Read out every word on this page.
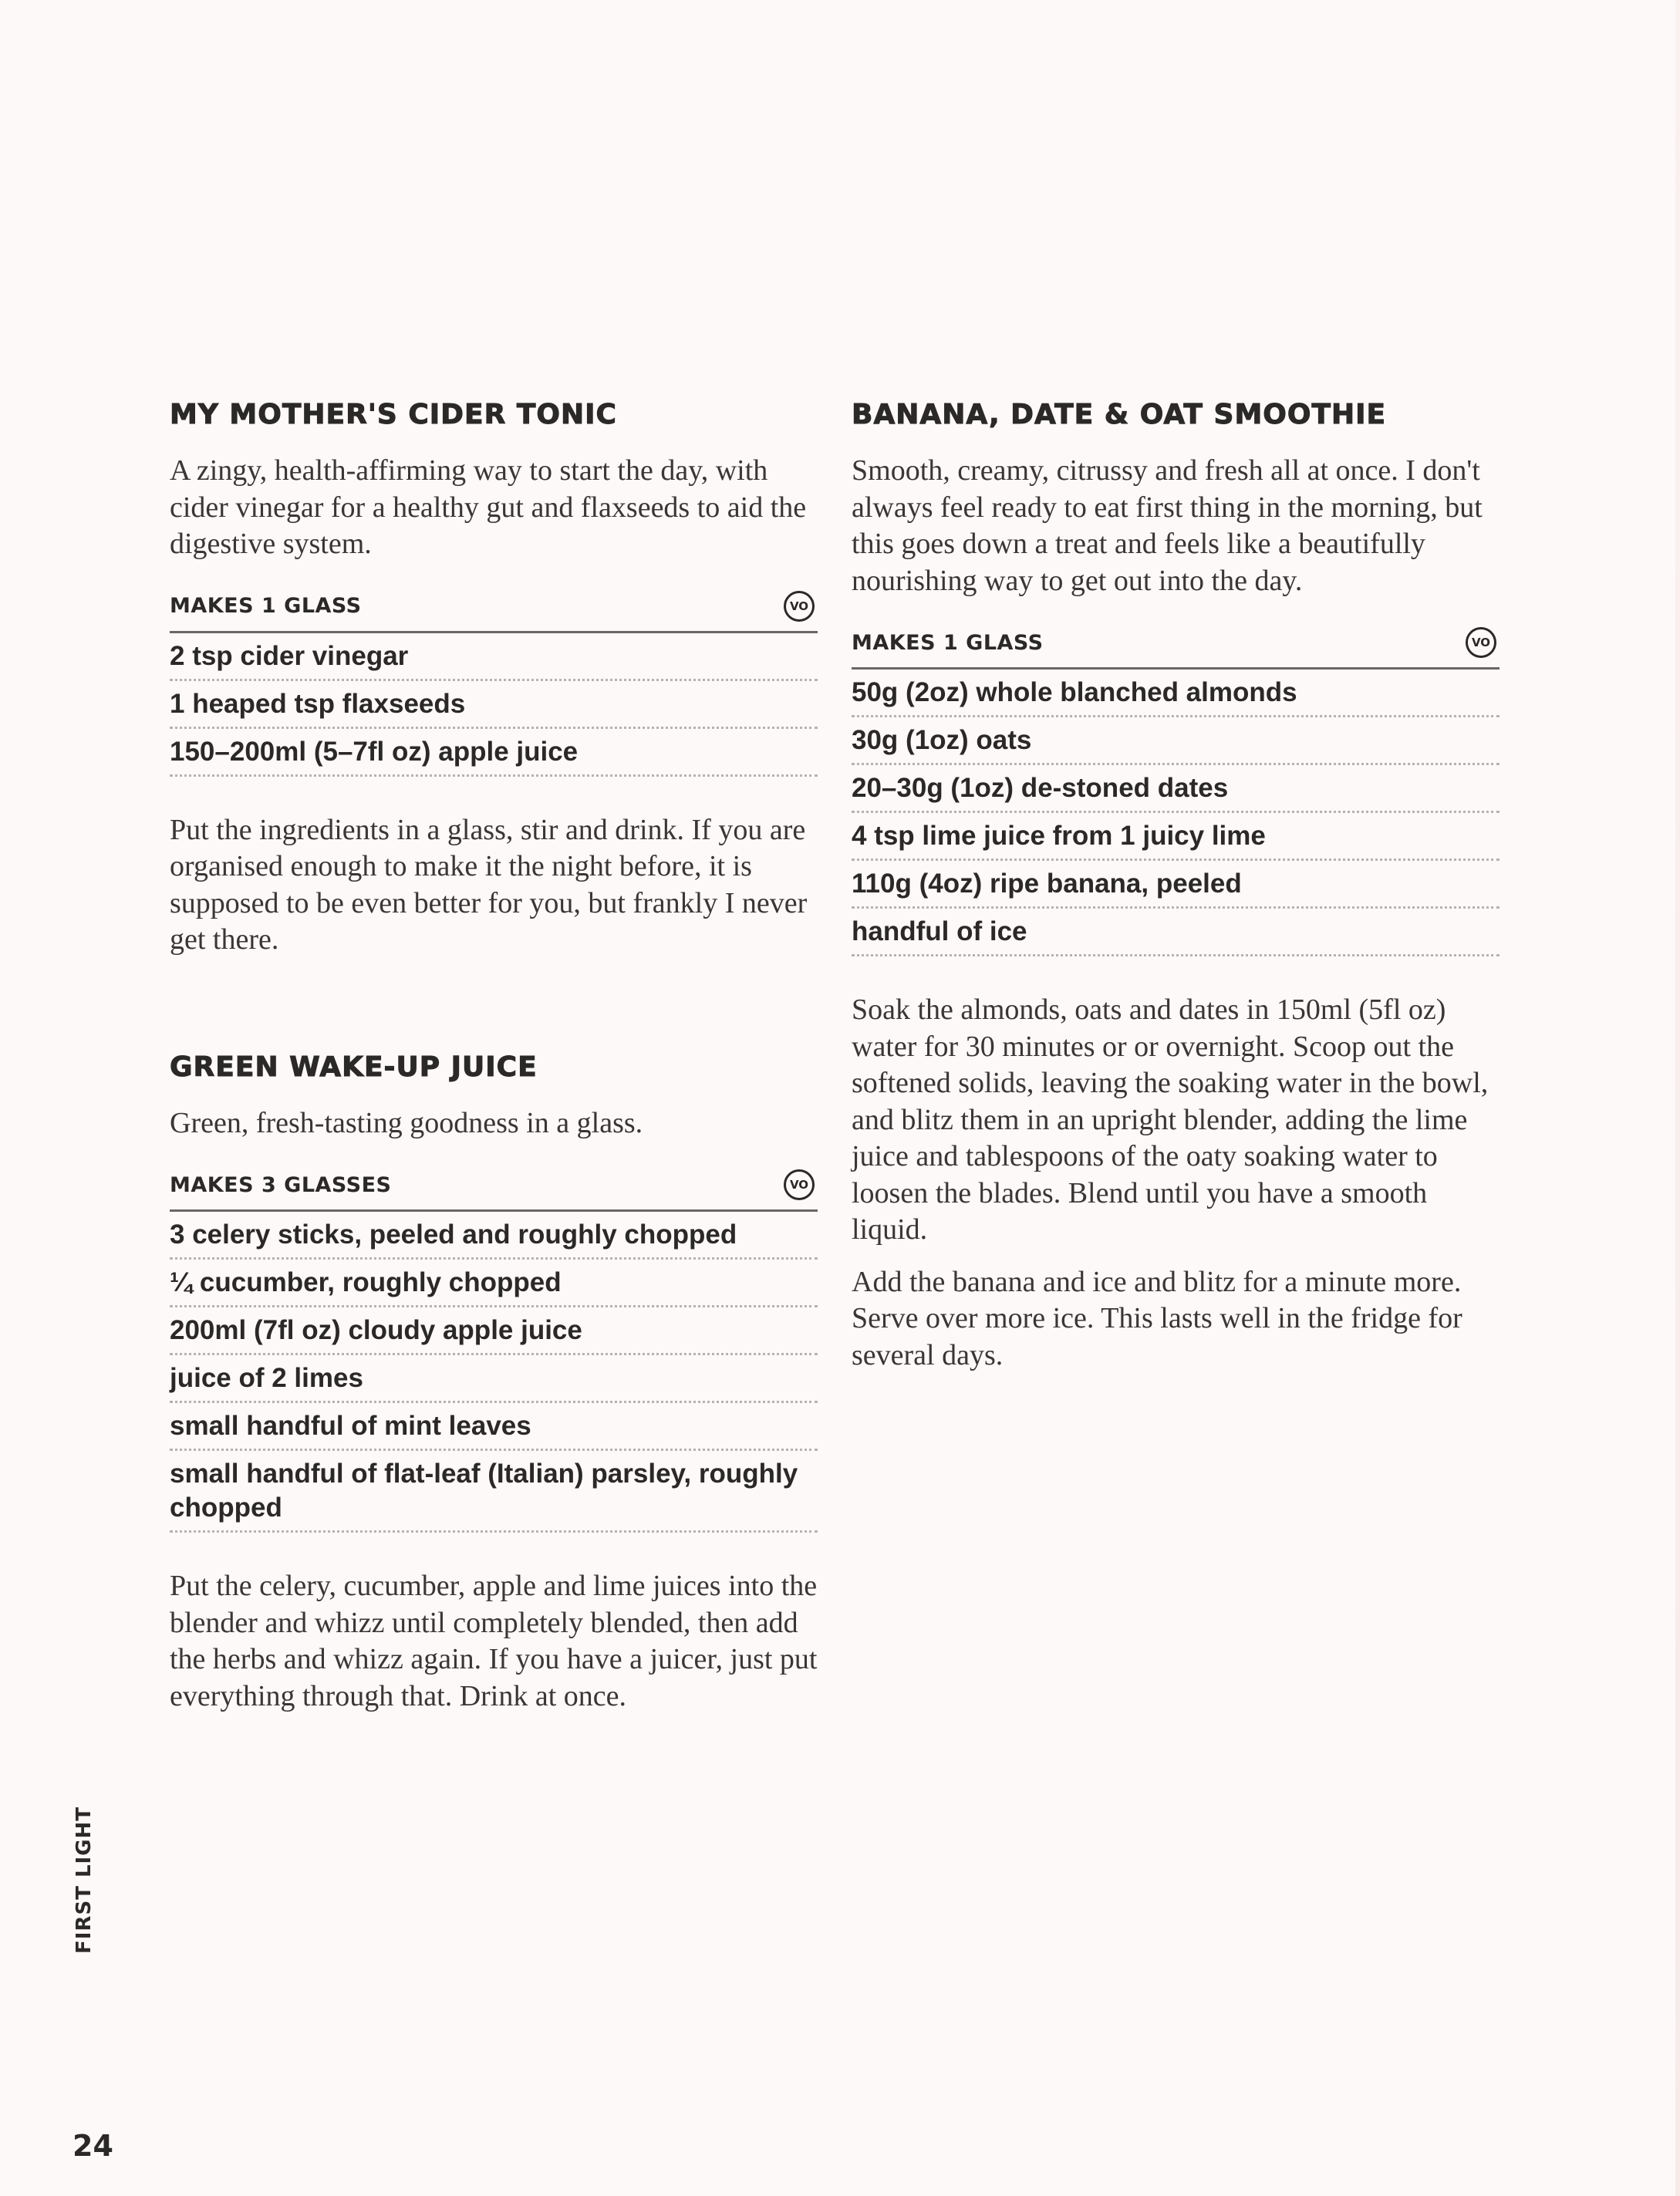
MY MOTHER'S CIDER TONIC

A zingy, health-affirming way to start the day, with cider vinegar for a healthy gut and flaxseeds to aid the digestive system.

MAKES 1 GLASS	VO
2 tsp cider vinegar
1 heaped tsp flaxseeds
150–200ml (5–7fl oz) apple juice

Put the ingredients in a glass, stir and drink. If you are organised enough to make it the night before, it is supposed to be even better for you, but frankly I never get there.

GREEN WAKE-UP JUICE

Green, fresh-tasting goodness in a glass.

MAKES 3 GLASSES	VO
3 celery sticks, peeled and roughly chopped
¼ cucumber, roughly chopped
200ml (7fl oz) cloudy apple juice
juice of 2 limes
small handful of mint leaves
small handful of flat-leaf (Italian) parsley, roughly chopped

Put the celery, cucumber, apple and lime juices into the blender and whizz until completely blended, then add the herbs and whizz again. If you have a juicer, just put everything through that. Drink at once.

BANANA, DATE & OAT SMOOTHIE

Smooth, creamy, citrussy and fresh all at once. I don't always feel ready to eat first thing in the morning, but this goes down a treat and feels like a beautifully nourishing way to get out into the day.

MAKES 1 GLASS	VO
50g (2oz) whole blanched almonds
30g (1oz) oats
20–30g (1oz) de-stoned dates
4 tsp lime juice from 1 juicy lime
110g (4oz) ripe banana, peeled
handful of ice

Soak the almonds, oats and dates in 150ml (5fl oz) water for 30 minutes or or overnight. Scoop out the softened solids, leaving the soaking water in the bowl, and blitz them in an upright blender, adding the lime juice and tablespoons of the oaty soaking water to loosen the blades. Blend until you have a smooth liquid.

Add the banana and ice and blitz for a minute more. Serve over more ice. This lasts well in the fridge for several days.

FIRST LIGHT
24
